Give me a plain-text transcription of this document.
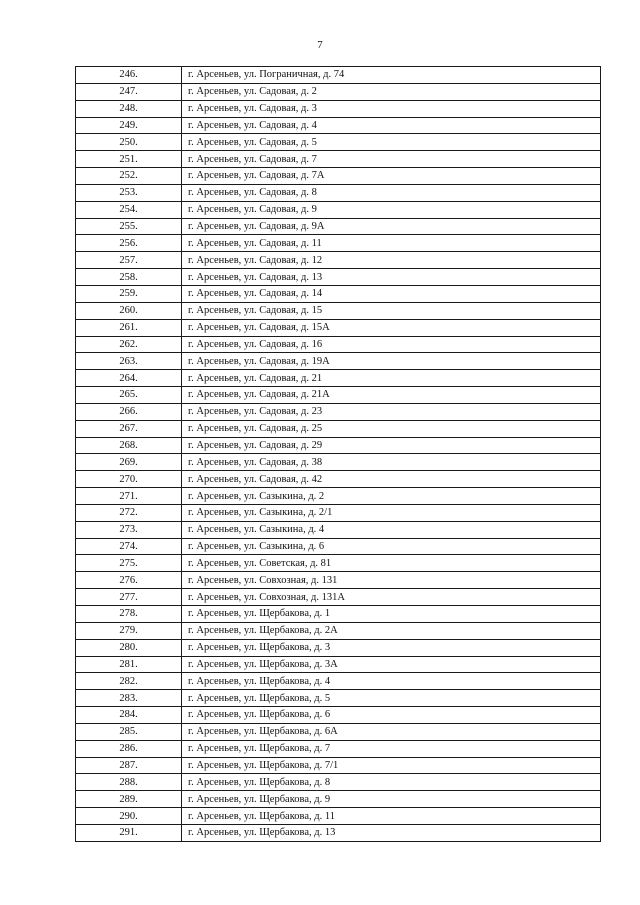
7
246.	г. Арсеньев, ул. Пограничная, д. 74
247.	г. Арсеньев, ул. Садовая, д. 2
248.	г. Арсеньев, ул. Садовая, д. 3
249.	г. Арсеньев, ул. Садовая, д. 4
250.	г. Арсеньев, ул. Садовая, д. 5
251.	г. Арсеньев, ул. Садовая, д. 7
252.	г. Арсеньев, ул. Садовая, д. 7А
253.	г. Арсеньев, ул. Садовая, д. 8
254.	г. Арсеньев, ул. Садовая, д. 9
255.	г. Арсеньев, ул. Садовая, д. 9А
256.	г. Арсеньев, ул. Садовая, д. 11
257.	г. Арсеньев, ул. Садовая, д. 12
258.	г. Арсеньев, ул. Садовая, д. 13
259.	г. Арсеньев, ул. Садовая, д. 14
260.	г. Арсеньев, ул. Садовая, д. 15
261.	г. Арсеньев, ул. Садовая, д. 15А
262.	г. Арсеньев, ул. Садовая, д. 16
263.	г. Арсеньев, ул. Садовая, д. 19А
264.	г. Арсеньев, ул. Садовая, д. 21
265.	г. Арсеньев, ул. Садовая, д. 21А
266.	г. Арсеньев, ул. Садовая, д. 23
267.	г. Арсеньев, ул. Садовая, д. 25
268.	г. Арсеньев, ул. Садовая, д. 29
269.	г. Арсеньев, ул. Садовая, д. 38
270.	г. Арсеньев, ул. Садовая, д. 42
271.	г. Арсеньев, ул. Сазыкина, д. 2
272.	г. Арсеньев, ул. Сазыкина, д. 2/1
273.	г. Арсеньев, ул. Сазыкина, д. 4
274.	г. Арсеньев, ул. Сазыкина, д. 6
275.	г. Арсеньев, ул. Советская, д. 81
276.	г. Арсеньев, ул. Совхозная, д. 131
277.	г. Арсеньев, ул. Совхозная, д. 131А
278.	г. Арсеньев, ул. Щербакова, д. 1
279.	г. Арсеньев, ул. Щербакова, д. 2А
280.	г. Арсеньев, ул. Щербакова, д. 3
281.	г. Арсеньев, ул. Щербакова, д. 3А
282.	г. Арсеньев, ул. Щербакова, д. 4
283.	г. Арсеньев, ул. Щербакова, д. 5
284.	г. Арсеньев, ул. Щербакова, д. 6
285.	г. Арсеньев, ул. Щербакова, д. 6А
286.	г. Арсеньев, ул. Щербакова, д. 7
287.	г. Арсеньев, ул. Щербакова, д. 7/1
288.	г. Арсеньев, ул. Щербакова, д. 8
289.	г. Арсеньев, ул. Щербакова, д. 9
290.	г. Арсеньев, ул. Щербакова, д. 11
291.	г. Арсеньев, ул. Щербакова, д. 13
